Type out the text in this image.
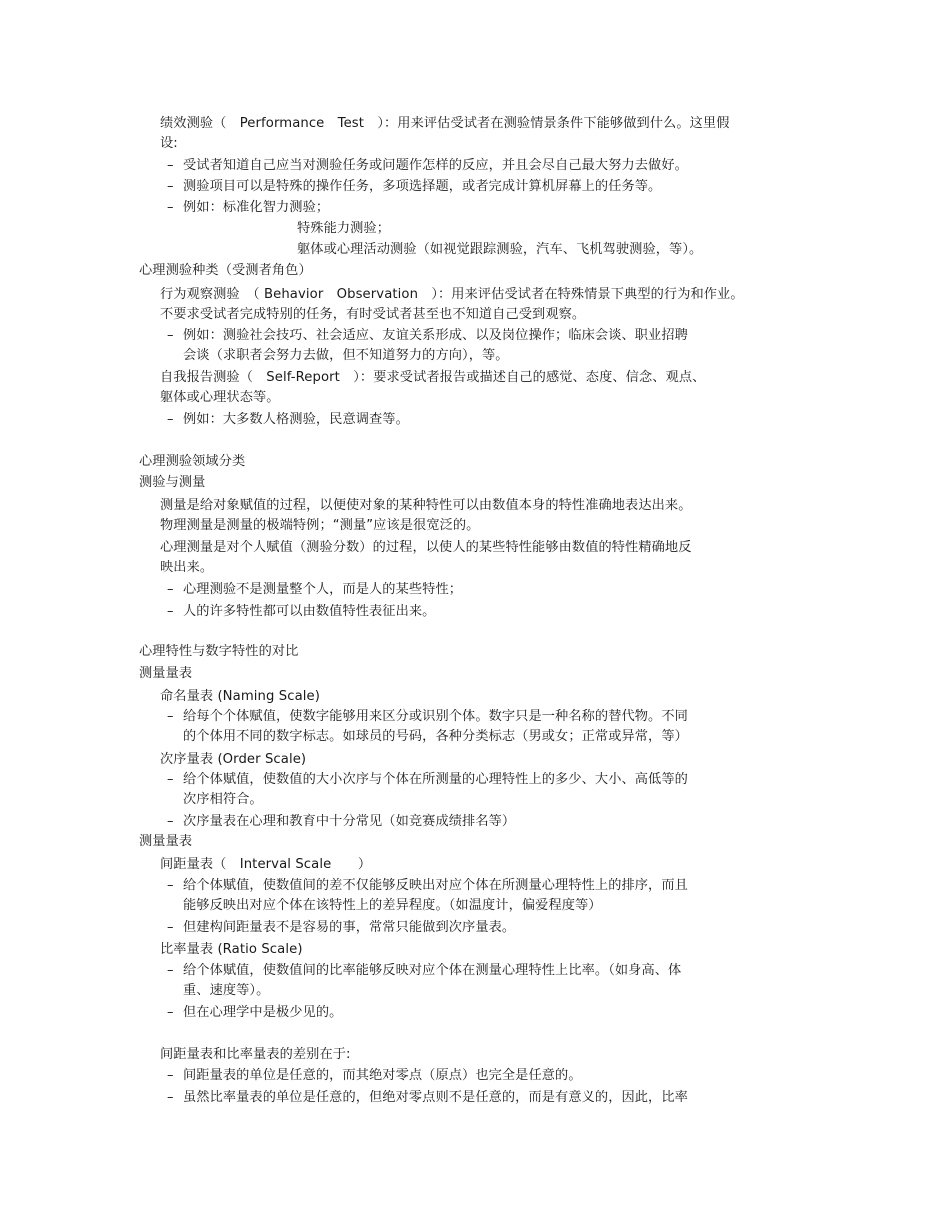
绩效测验（　Performance　Test　）：用来评估受试者在测验情景条件下能够做到什么。这里假
设:
– 受试者知道自己应当对测验任务或问题作怎样的反应，并且会尽自己最大努力去做好。
– 测验项目可以是特殊的操作任务，多项选择题，或者完成计算机屏幕上的任务等。
– 例如：标准化智力测验；
特殊能力测验；
躯体或心理活动测验（如视觉跟踪测验，汽车、飞机驾驶测验，等）。
心理测验种类（受测者角色）
行为观察测验　（ Behavior　Observation　）：用来评估受试者在特殊情景下典型的行为和作业。
不要求受试者完成特别的任务，有时受试者甚至也不知道自己受到观察。
– 例如：测验社会技巧、社会适应、友谊关系形成、以及岗位操作；临床会谈、职业招聘
会谈（求职者会努力去做，但不知道努力的方向），等。
自我报告测验（　Self-Report　）：要求受试者报告或描述自己的感觉、态度、信念、观点、
躯体或心理状态等。
– 例如：大多数人格测验，民意调查等。
心理测验领域分类
测验与测量
测量是给对象赋值的过程，以便使对象的某种特性可以由数值本身的特性准确地表达出来。
物理测量是测量的极端特例；“测量”应该是很宽泛的。
心理测量是对个人赋值（测验分数）的过程，以使人的某些特性能够由数值的特性精确地反
映出来。
– 心理测验不是测量整个人，而是人的某些特性；
– 人的许多特性都可以由数值特性表征出来。
心理特性与数字特性的对比
测量量表
命名量表 (Naming Scale)
– 给每个个体赋值，使数字能够用来区分或识别个体。数字只是一种名称的替代物。不同
的个体用不同的数字标志。如球员的号码，各种分类标志（男或女；正常或异常，等）
次序量表 (Order Scale)
– 给个体赋值，使数值的大小次序与个体在所测量的心理特性上的多少、大小、高低等的
次序相符合。
– 次序量表在心理和教育中十分常见（如竞赛成绩排名等）
测量量表
间距量表（　Interval Scale　　）
– 给个体赋值，使数值间的差不仅能够反映出对应个体在所测量心理特性上的排序，而且
能够反映出对应个体在该特性上的差异程度。（如温度计，偏爱程度等）
– 但建构间距量表不是容易的事，常常只能做到次序量表。
比率量表 (Ratio Scale)
– 给个体赋值，使数值间的比率能够反映对应个体在测量心理特性上比率。（如身高、体
重、速度等）。
– 但在心理学中是极少见的。
间距量表和比率量表的差别在于:
– 间距量表的单位是任意的，而其绝对零点（原点）也完全是任意的。
– 虽然比率量表的单位是任意的，但绝对零点则不是任意的，而是有意义的，因此，比率
